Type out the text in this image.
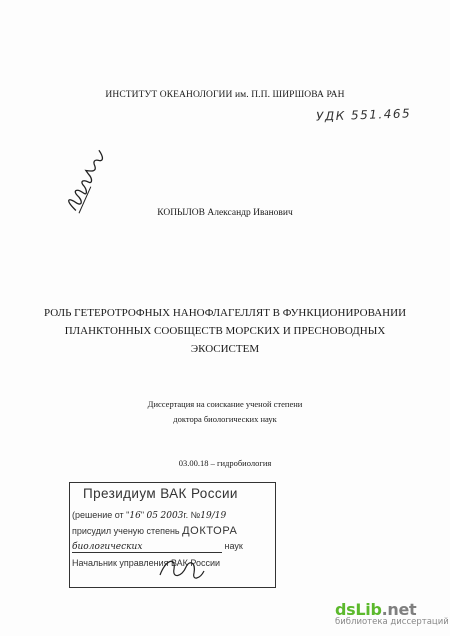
ИНСТИТУТ ОКЕАНОЛОГИИ им. П.П. ШИРШОВА РАН
УДК 551.465
КОПЫЛОВ Александр Иванович
РОЛЬ ГЕТЕРОТРОФНЫХ НАНОФЛАГЕЛЛЯТ В ФУНКЦИОНИРОВАНИИ
ПЛАНКТОННЫХ СООБЩЕСТВ МОРСКИХ И ПРЕСНОВОДНЫХ
ЭКОСИСТЕМ
Диссертация на соискание ученой степени
доктора биологических наук
03.00.18 – гидробиология
Президиум ВАК России
(решение от "16" 05 2003г. №19/19
присудил ученую степень ДОКТОРА
биологических	наук
Начальник управления ВАК России
dsLib.net
библиотека диссертаций
